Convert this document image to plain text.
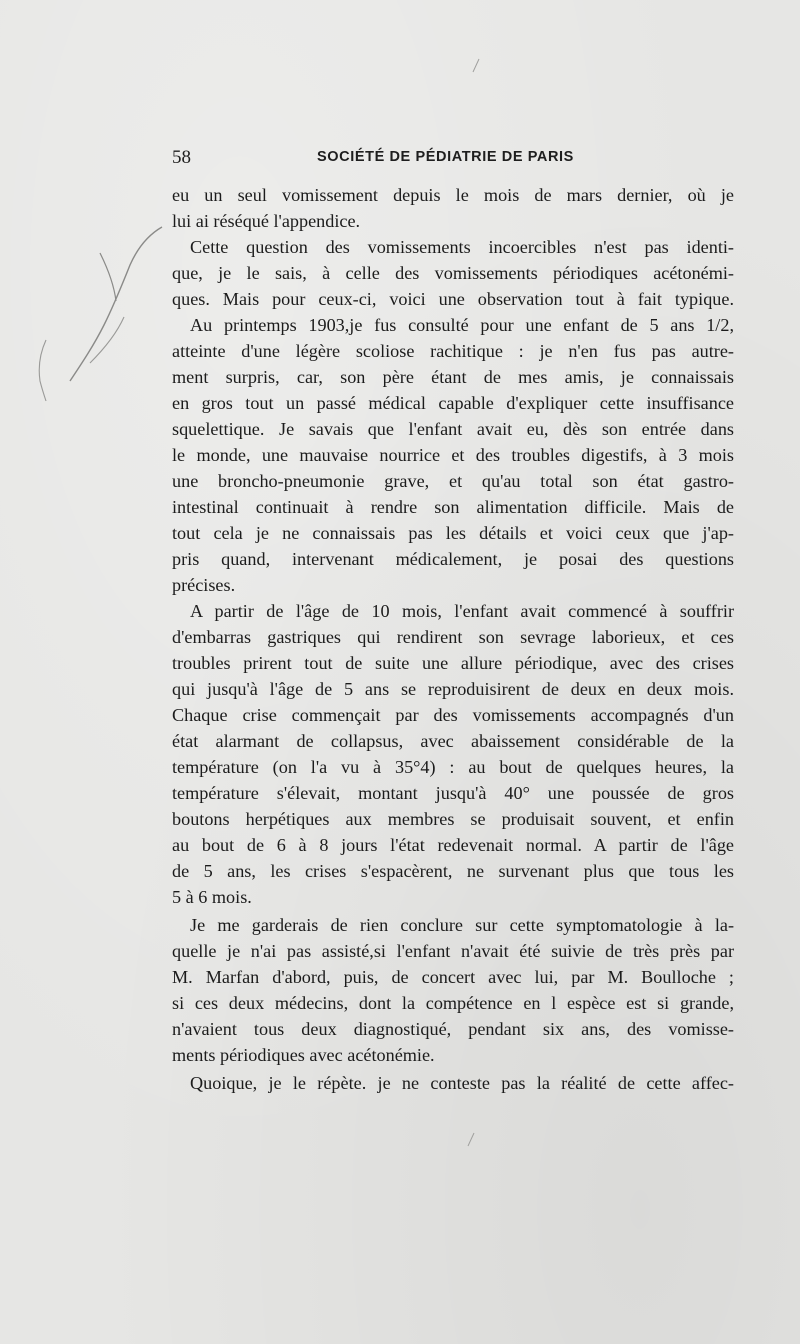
58	SOCIÉTÉ DE PÉDIATRIE DE PARIS
eu un seul vomissement depuis le mois de mars dernier, où je
lui ai réséqué l'appendice.
Cette question des vomissements incoercibles n'est pas identi-
que, je le sais, à celle des vomissements périodiques acétonémi-
ques. Mais pour ceux-ci, voici une observation tout à fait typique.
Au printemps 1903,je fus consulté pour une enfant de 5 ans 1/2,
atteinte d'une légère scoliose rachitique : je n'en fus pas autre-
ment surpris, car, son père étant de mes amis, je connaissais
en gros tout un passé médical capable d'expliquer cette insuffisance
squelettique. Je savais que l'enfant avait eu, dès son entrée dans
le monde, une mauvaise nourrice et des troubles digestifs, à 3 mois
une broncho-pneumonie grave, et qu'au total son état gastro-
intestinal continuait à rendre son alimentation difficile. Mais de
tout cela je ne connaissais pas les détails et voici ceux que j'ap-
pris quand, intervenant médicalement, je posai des questions
précises.
A partir de l'âge de 10 mois, l'enfant avait commencé à souffrir
d'embarras gastriques qui rendirent son sevrage laborieux, et ces
troubles prirent tout de suite une allure périodique, avec des crises
qui jusqu'à l'âge de 5 ans se reproduisirent de deux en deux mois.
Chaque crise commençait par des vomissements accompagnés d'un
état alarmant de collapsus, avec abaissement considérable de la
température (on l'a vu à 35°4) : au bout de quelques heures, la
température s'élevait, montant jusqu'à 40° une poussée de gros
boutons herpétiques aux membres se produisait souvent, et enfin
au bout de 6 à 8 jours l'état redevenait normal. A partir de l'âge
de 5 ans, les crises s'espacèrent, ne survenant plus que tous les
5 à 6 mois.
Je me garderais de rien conclure sur cette symptomatologie à la-
quelle je n'ai pas assisté,si l'enfant n'avait été suivie de très près par
M. Marfan d'abord, puis, de concert avec lui, par M. Boulloche ;
si ces deux médecins, dont la compétence en l espèce est si grande,
n'avaient tous deux diagnostiqué, pendant six ans, des vomisse-
ments périodiques avec acétonémie.
Quoique, je le répète. je ne conteste pas la réalité de cette affec-
